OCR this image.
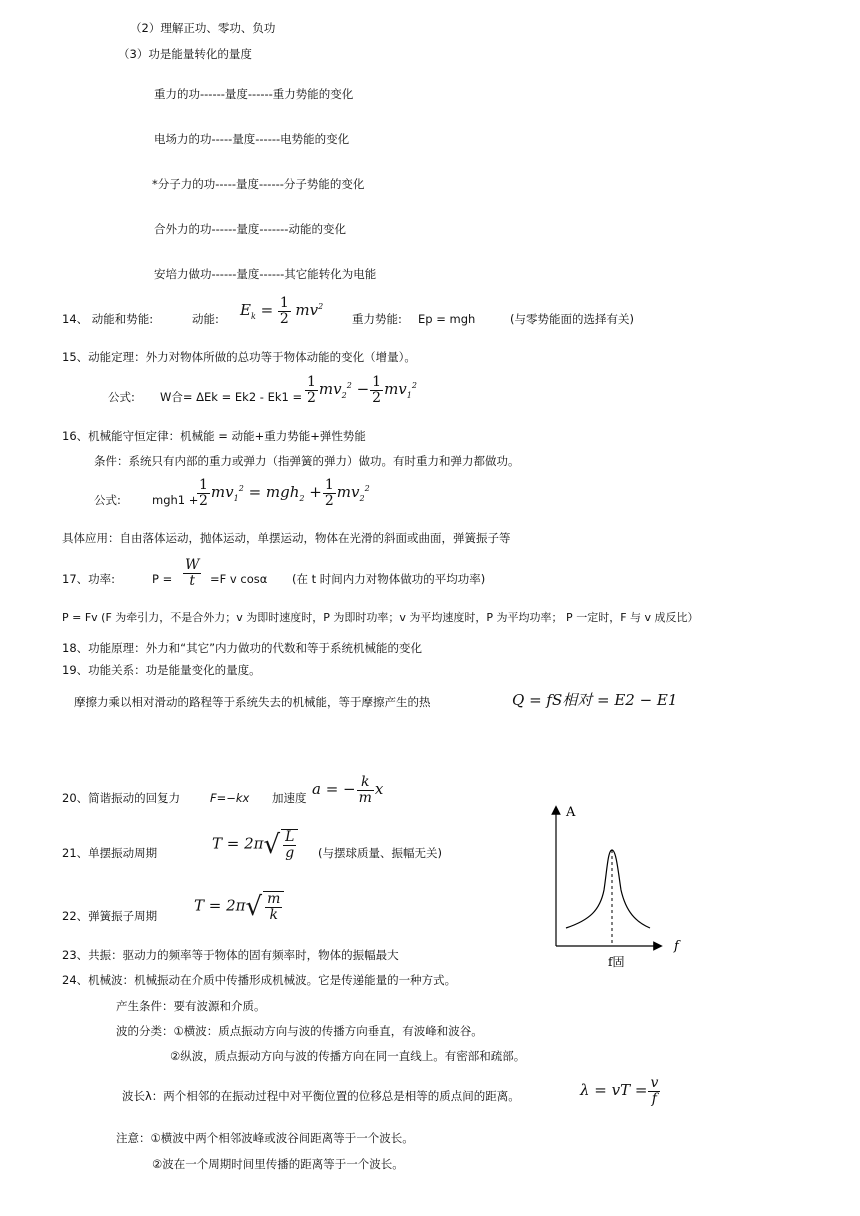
（2）理解正功、零功、负功
（3）功是能量转化的量度
重力的功------量度------重力势能的变化
电场力的功-----量度------电势能的变化
*分子力的功-----量度------分子势能的变化
合外力的功------量度-------动能的变化
安培力做功------量度------其它能转化为电能
14、 动能和势能:	动能: $E_k = \frac{1}{2} mv^2$
重力势能: Ep = mgh	(与零势能面的选择有关)
15、动能定理：外力对物体所做的总功等于物体动能的变化（增量）。
公式: W合= $\Delta Ek = Ek2 - Ek1 = \frac{1}{2} mv_2^2 - \frac{1}{2} mv_1^2$
16、机械能守恒定律：机械能 = 动能+重力势能+弹性势能
条件：系统只有内部的重力或弹力（指弹簧的弹力）做功。有时重力和弹力都做功。
公式:	mgh1 +
$\frac{1}{2} mv_1^2 = mgh_2 + \frac{1}{2} mv_2^2$
具体应用：自由落体运动，抛体运动，单摆运动，物体在光滑的斜面或曲面，弹簧振子等
17、功率:	$P = \frac{W}{t} =F$ v cosα (在 t 时间内力对物体做功的平均功率)
P = Fv (F 为牵引力，不是合外力；v 为即时速度时，P 为即时功率；v 为平均速度时，P 为平均功率； P 一定时，F 与 v 成反比）
18、功能原理：外力和“其它”内力做功的代数和等于系统机械能的变化
19、功能关系：功是能量变化的量度。
摩擦力乘以相对滑动的路程等于系统失去的机械能，等于摩擦产生的热	Q = fS相对 = E2 − E1
20、简谐振动的回复力	F=−kx 加速度 a = − $\frac{k}{m}$ x
21、单摆振动周期
$T = 2\pi√ \frac{L}{g}$ (与摆球质量、振幅无关)
22、弹簧振子周期
$T = 2\pi√ \frac{m}{k}$
23、共振：驱动力的频率等于物体的固有频率时，物体的振幅最大
24、机械波：机械振动在介质中传播形成机械波。它是传递能量的一种方式。
产生条件：要有波源和介质。
波的分类：①横波：质点振动方向与波的传播方向垂直，有波峰和波谷。
②纵波，质点振动方向与波的传播方向在同一直线上。有密部和疏部。
波长λ：两个相邻的在振动过程中对平衡位置的位移总是相等的质点间的距离。	λ = vT = $\frac{v}{f}$
注意：①横波中两个相邻波峰或波谷间距离等于一个波长。
②波在一个周期时间里传播的距离等于一个波长。
A
f
f固
